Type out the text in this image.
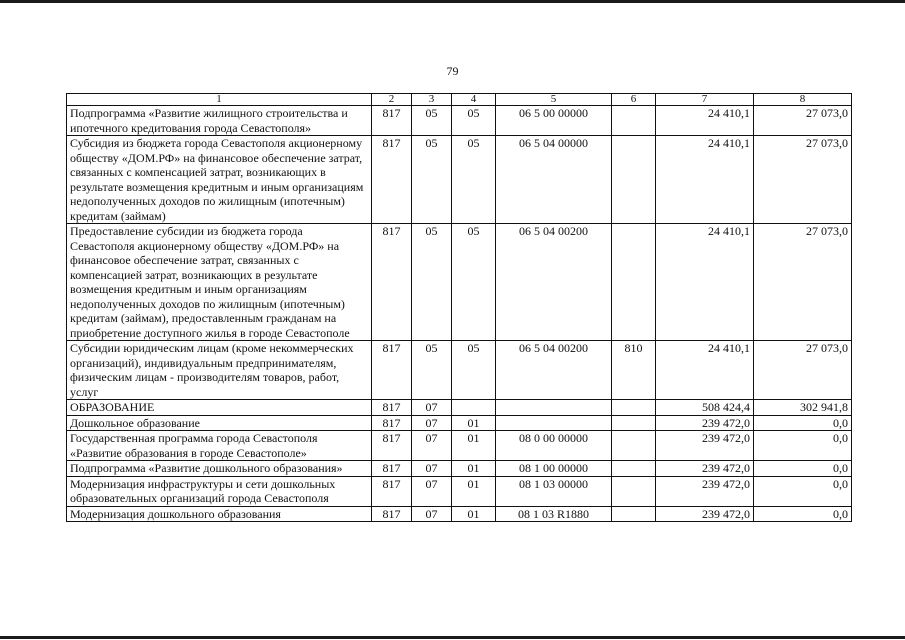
79
1	2	3	4	5	6	7	8
Подпрограмма «Развитие жилищного строительства и ипотечного кредитования города Севастополя»	817	05	05	06 5 00 00000		24 410,1	27 073,0
Субсидия из бюджета города Севастополя акционерному обществу «ДОМ.РФ» на финансовое обеспечение затрат, связанных с компенсацией затрат, возникающих в результате возмещения кредитным и иным организациям недополученных доходов по жилищным (ипотечным) кредитам (займам)	817	05	05	06 5 04 00000		24 410,1	27 073,0
Предоставление субсидии из бюджета города Севастополя акционерному обществу «ДОМ.РФ» на финансовое обеспечение затрат, связанных с компенсацией затрат, возникающих в результате возмещения кредитным и иным организациям недополученных доходов по жилищным (ипотечным) кредитам (займам), предоставленным гражданам на приобретение доступного жилья в городе Севастополе	817	05	05	06 5 04 00200		24 410,1	27 073,0
Субсидии юридическим лицам (кроме некоммерческих организаций), индивидуальным предпринимателям, физическим лицам - производителям товаров, работ, услуг	817	05	05	06 5 04 00200	810	24 410,1	27 073,0
ОБРАЗОВАНИЕ	817	07				508 424,4	302 941,8
Дошкольное образование	817	07	01			239 472,0	0,0
Государственная программа города Севастополя «Развитие образования в городе Севастополе»	817	07	01	08 0 00 00000		239 472,0	0,0
Подпрограмма «Развитие дошкольного образования»	817	07	01	08 1 00 00000		239 472,0	0,0
Модернизация инфраструктуры и сети дошкольных образовательных организаций города Севастополя	817	07	01	08 1 03 00000		239 472,0	0,0
Модернизация дошкольного образования	817	07	01	08 1 03 R1880		239 472,0	0,0
